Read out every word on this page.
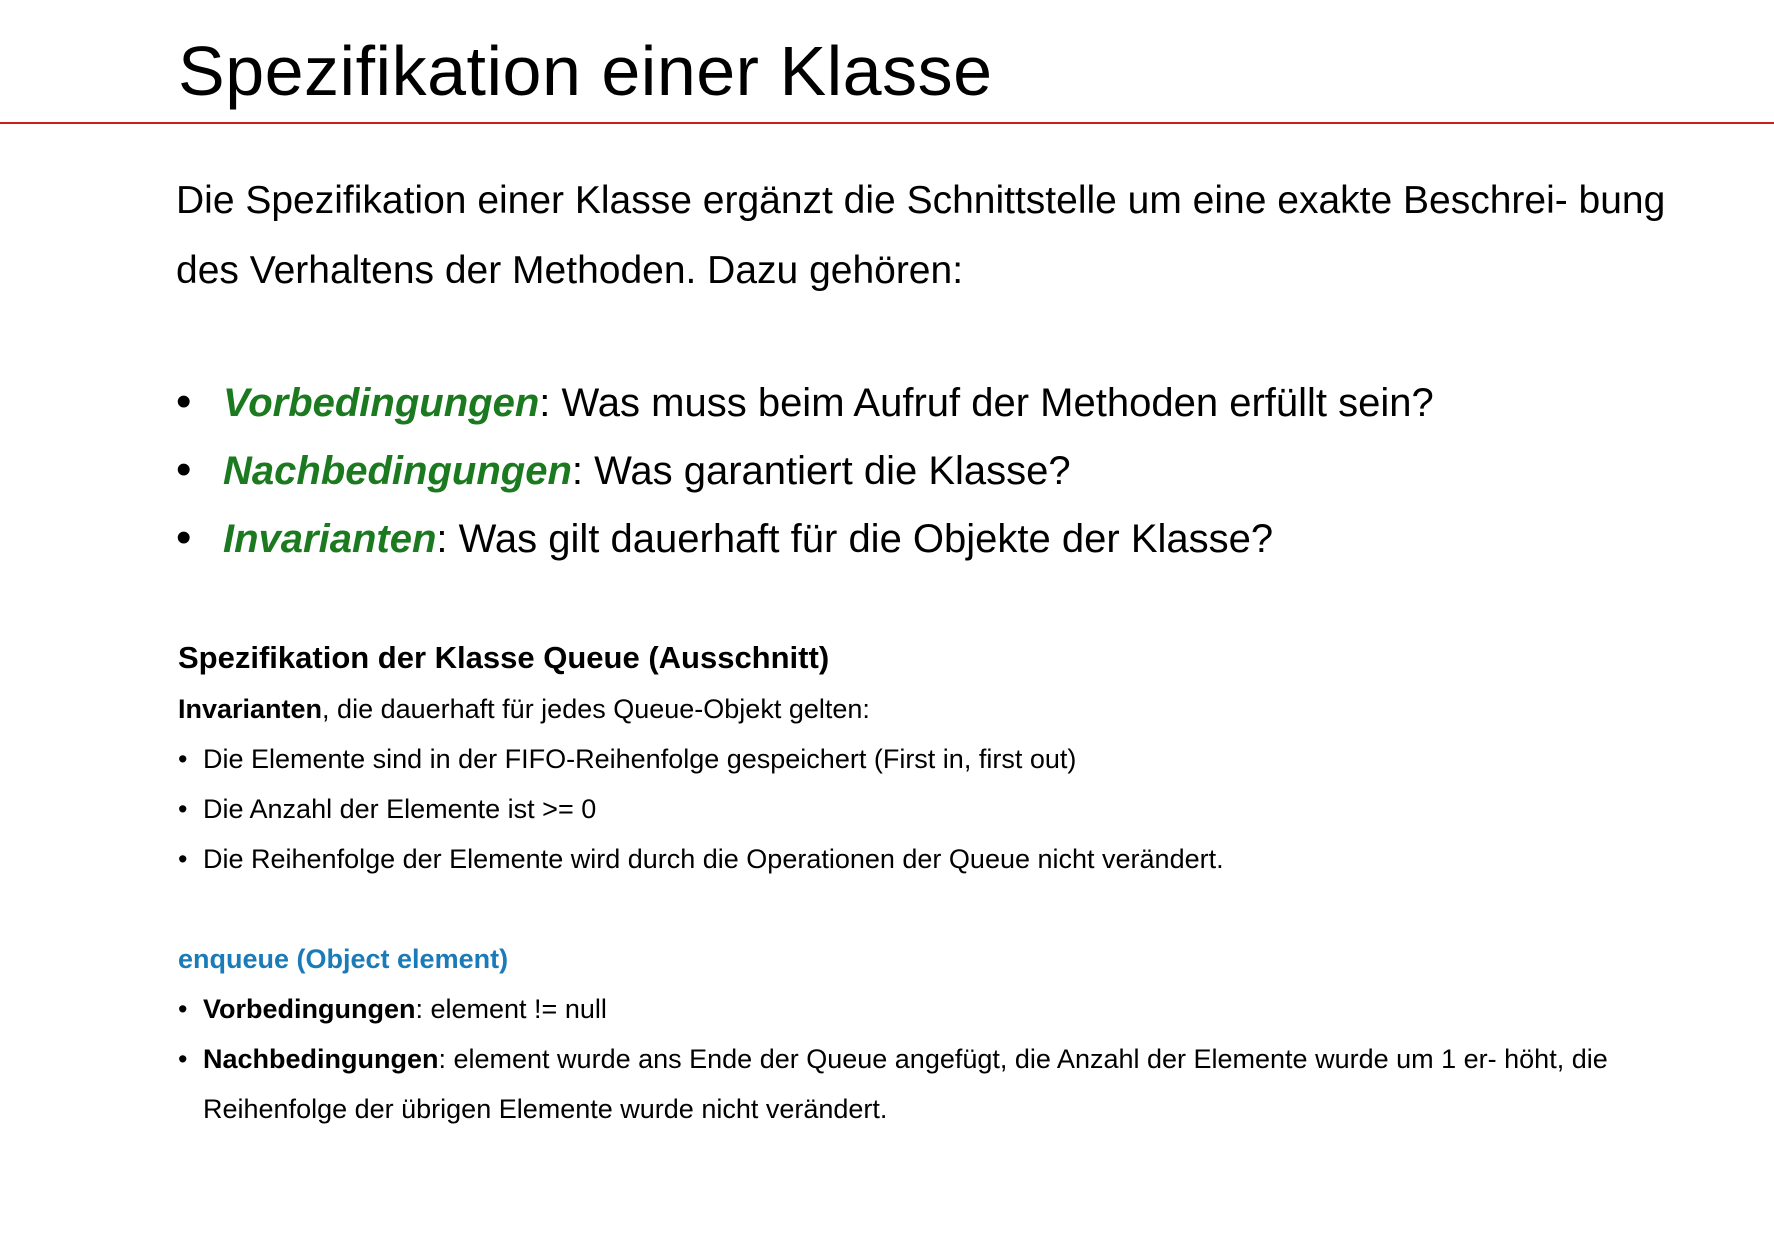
Spezifikation einer Klasse
Die Spezifikation einer Klasse ergänzt die Schnittstelle um eine exakte Beschrei- bung des Verhaltens der Methoden. Dazu gehören:
• Vorbedingungen: Was muss beim Aufruf der Methoden erfüllt sein?
• Nachbedingungen: Was garantiert die Klasse?
• Invarianten: Was gilt dauerhaft für die Objekte der Klasse?
Spezifikation der Klasse Queue (Ausschnitt)
Invarianten, die dauerhaft für jedes Queue-Objekt gelten:
• Die Elemente sind in der FIFO-Reihenfolge gespeichert (First in, first out)
• Die Anzahl der Elemente ist >= 0
• Die Reihenfolge der Elemente wird durch die Operationen der Queue nicht verändert.
enqueue (Object element)
• Vorbedingungen: element != null
• Nachbedingungen: element wurde ans Ende der Queue angefügt, die Anzahl der Elemente wurde um 1 er- höht, die Reihenfolge der übrigen Elemente wurde nicht verändert.
